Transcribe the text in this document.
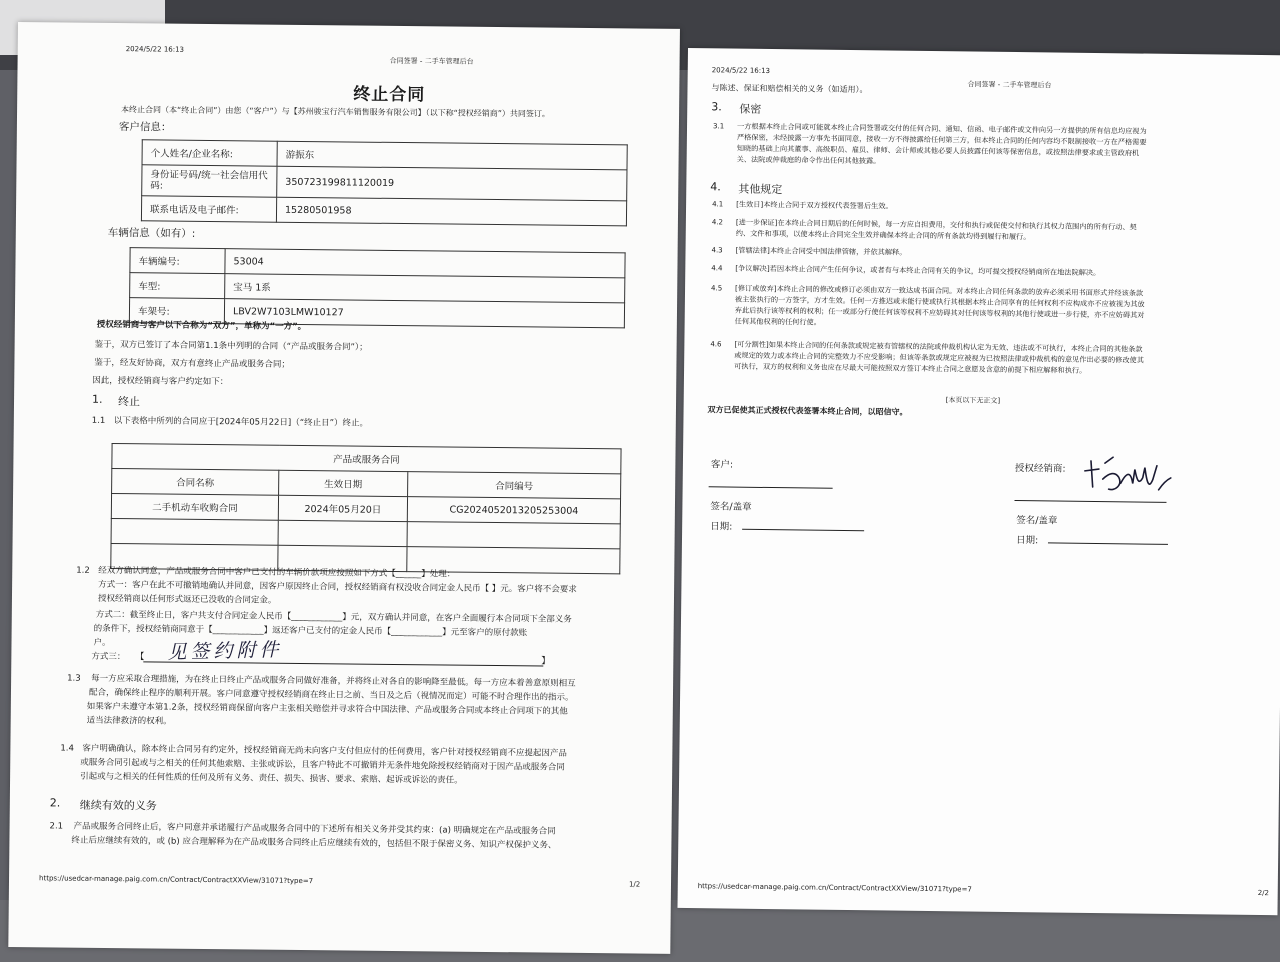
2024/5/22 16:13
合同签署 - 二手车管理后台
终止合同
本终止合同（本“终止合同”）由您（“客户”）与【苏州骏宝行汽车销售服务有限公司】（以下称“授权经销商”）共同签订。
客户信息：
个人姓名/企业名称:	游振东
身份证号码/统一社会信用代码:	350723199811120019
联系电话及电子邮件:	15280501958
车辆信息（如有）:
车辆编号:	53004
车型:	宝马 1系
车架号:	LBV2W7103LMW10127
授权经销商与客户以下合称为“双方”，单称为“一方”。
鉴于，双方已签订了本合同第1.1条中列明的合同（“产品或服务合同”）；
鉴于，经友好协商，双方有意终止产品或服务合同；
因此，授权经销商与客户约定如下：
1. 终止
1.1 以下表格中所列的合同应于[2024年05月22日]（“终止日”）终止。
产品或服务合同		
合同名称	生效日期	合同编号
二手机动车收购合同	2024年05月20日	CG2024052013205253004

1.2 经双方确认同意，产品或服务合同中客户已支付的车辆价款项应按照如下方式【______】处理：
方式一：客户在此不可撤销地确认并同意，因客户原因终止合同，授权经销商有权没收合同定金人民币【 】元。客户将不会要求
授权经销商以任何形式返还已没收的合同定金。
方式二：截至终止日，客户共支付合同定金人民币【____________】元，双方确认并同意，在客户全面履行本合同项下全部义务
的条件下，授权经销商同意于【____________】返还客户已支付的定金人民币【____________】元至客户的原付款账
户。
方式三： 【	】
见签约附件
1.3 每一方应采取合理措施，为在终止日终止产品或服务合同做好准备，并将终止对各自的影响降至最低。每一方应本着善意原则相互
配合，确保终止程序的顺利开展。客户同意遵守授权经销商在终止日之前、当日及之后（视情况而定）可能不时合理作出的指示。
如果客户未遵守本第1.2条，授权经销商保留向客户主张相关赔偿并寻求符合中国法律、产品或服务合同或本终止合同项下的其他
适当法律救济的权利。
1.4 客户明确确认，除本终止合同另有约定外，授权经销商无尚未向客户支付但应付的任何费用，客户针对授权经销商不应提起因产品
或服务合同引起或与之相关的任何其他索赔、主张或诉讼，且客户特此不可撤销并无条件地免除授权经销商对于因产品或服务合同
引起或与之相关的任何性质的任何及所有义务、责任、损失、损害、要求、索赔、起诉或诉讼的责任。
2. 继续有效的义务
2.1 产品或服务合同终止后，客户同意并承诺履行产品或服务合同中的下述所有相关义务并受其约束：(a) 明确规定在产品或服务合同
终止后应继续有效的，或 (b) 应合理解释为在产品或服务合同终止后应继续有效的，包括但不限于保密义务、知识产权保护义务、
https://usedcar-manage.paig.com.cn/Contract/ContractXXView/31071?type=7	1/2
2024/5/22 16:13
合同签署 - 二手车管理后台
与陈述、保证和赔偿相关的义务（如适用）。
3. 保密
3.1 一方根据本终止合同或可能就本终止合同签署或交付的任何合同、通知、信函、电子邮件或文件向另一方提供的所有信息均应视为
严格保密，未经披露一方事先书面同意，接收一方不得披露给任何第三方，但本终止合同的任何内容均不限制接收一方在严格需要
知晓的基础上向其董事、高级职员、雇员、律师、会计师或其他必要人员披露任何该等保密信息，或按照法律要求或主管政府机
关、法院或仲裁庭的命令作出任何其他披露。
4. 其他规定
4.1 [生效日]本终止合同于双方授权代表签署后生效。
4.2 [进一步保证]在本终止合同日期后的任何时候，每一方应自担费用，交付和执行或促使交付和执行其权力范围内的所有行动、契
约、文件和事项，以使本终止合同完全生效并确保本终止合同的所有条款均得到履行和履行。
4.3 [管辖法律]本终止合同受中国法律管辖，并依其解释。
4.4 [争议解决]若因本终止合同产生任何争议，或者有与本终止合同有关的争议，均可提交授权经销商所在地法院解决。
4.5 [修订或放弃]本终止合同的修改或修订必须由双方一致达成书面合同。对本终止合同任何条款的放弃必须采用书面形式并经该条款
被主张执行的一方签字，方才生效。任何一方推迟或未能行使或执行其根据本终止合同享有的任何权利不应构成亦不应被视为其放
弃此后执行该等权利的权利；任一或部分行使任何该等权利不应妨碍其对任何该等权利的其他行使或进一步行使，亦不应妨碍其对
任何其他权利的任何行使。
4.6 [可分割性]如果本终止合同的任何条款或规定被有管辖权的法院或仲裁机构认定为无效、违法或不可执行，本终止合同的其他条款
或规定的效力或本终止合同的完整效力不应受影响；但该等条款或规定应被视为已按照法律或仲裁机构的意见作出必要的修改使其
可执行，双方的权利和义务也应在尽最大可能按照双方签订本终止合同之意愿及含意的前提下相应解释和执行。
[本页以下无正文]
双方已促使其正式授权代表签署本终止合同，以昭信守。
客户:
签名/盖章
日期:
授权经销商:
签名/盖章
日期:
https://usedcar-manage.paig.com.cn/Contract/ContractXXView/31071?type=7	2/2
